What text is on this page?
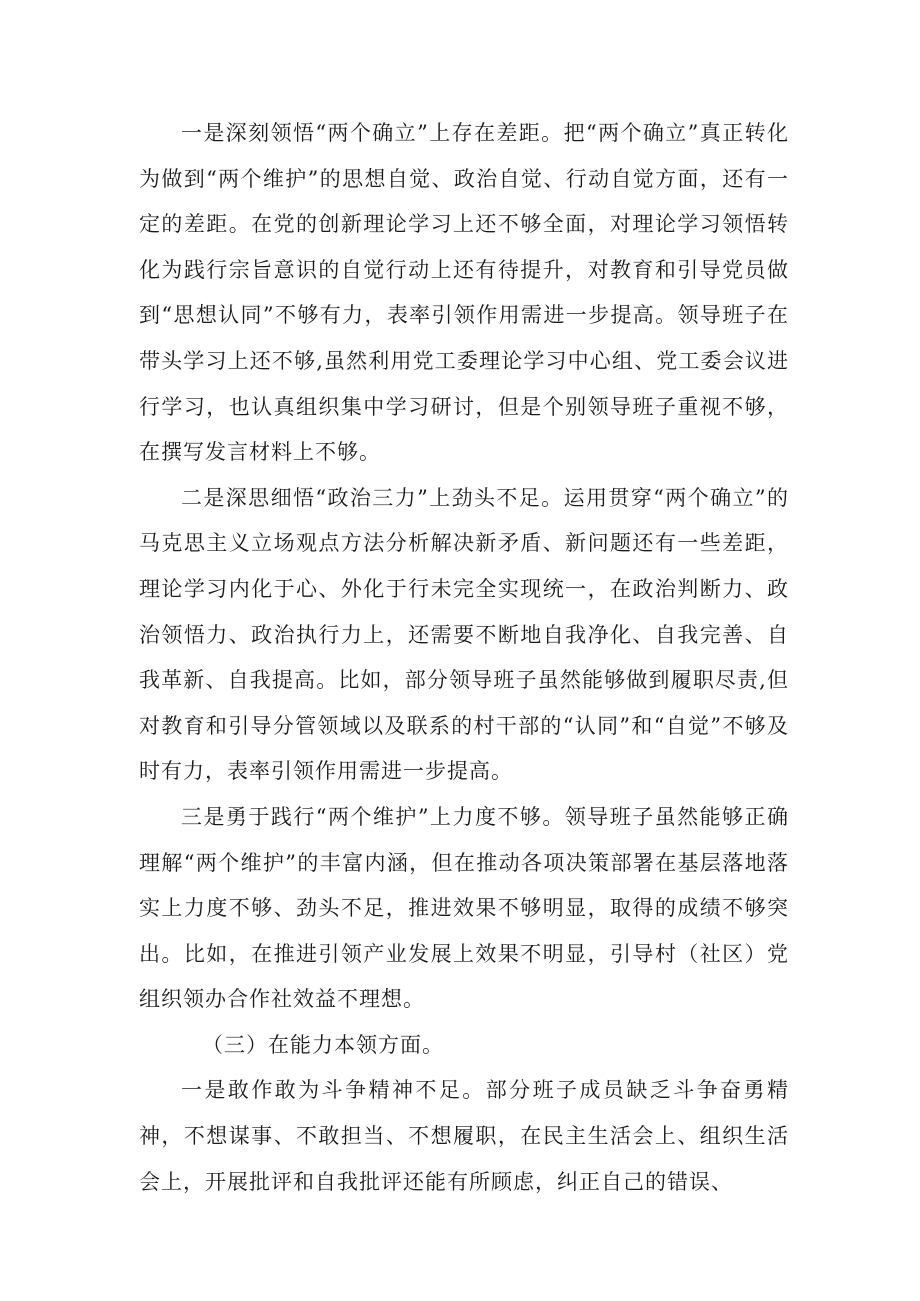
一是深刻领悟“两个确立”上存在差距。把“两个确立”真正转化为做到“两个维护”的思想自觉、政治自觉、行动自觉方面，还有一定的差距。在党的创新理论学习上还不够全面，对理论学习领悟转化为践行宗旨意识的自觉行动上还有待提升，对教育和引导党员做到“思想认同”不够有力，表率引领作用需进一步提高。领导班子在带头学习上还不够,虽然利用党工委理论学习中心组、党工委会议进行学习，也认真组织集中学习研讨，但是个别领导班子重视不够，在撰写发言材料上不够。

二是深思细悟“政治三力”上劲头不足。运用贯穿“两个确立”的马克思主义立场观点方法分析解决新矛盾、新问题还有一些差距，理论学习内化于心、外化于行未完全实现统一，在政治判断力、政治领悟力、政治执行力上，还需要不断地自我净化、自我完善、自我革新、自我提高。比如，部分领导班子虽然能够做到履职尽责,但对教育和引导分管领域以及联系的村干部的“认同”和“自觉”不够及时有力，表率引领作用需进一步提高。

三是勇于践行“两个维护”上力度不够。领导班子虽然能够正确理解“两个维护”的丰富内涵，但在推动各项决策部署在基层落地落实上力度不够、劲头不足，推进效果不够明显，取得的成绩不够突出。比如，在推进引领产业发展上效果不明显，引导村（社区）党组织领办合作社效益不理想。

（三）在能力本领方面。

一是敢作敢为斗争精神不足。部分班子成员缺乏斗争奋勇精神，不想谋事、不敢担当、不想履职，在民主生活会上、组织生活会上，开展批评和自我批评还能有所顾虑，纠正自己的错误、
